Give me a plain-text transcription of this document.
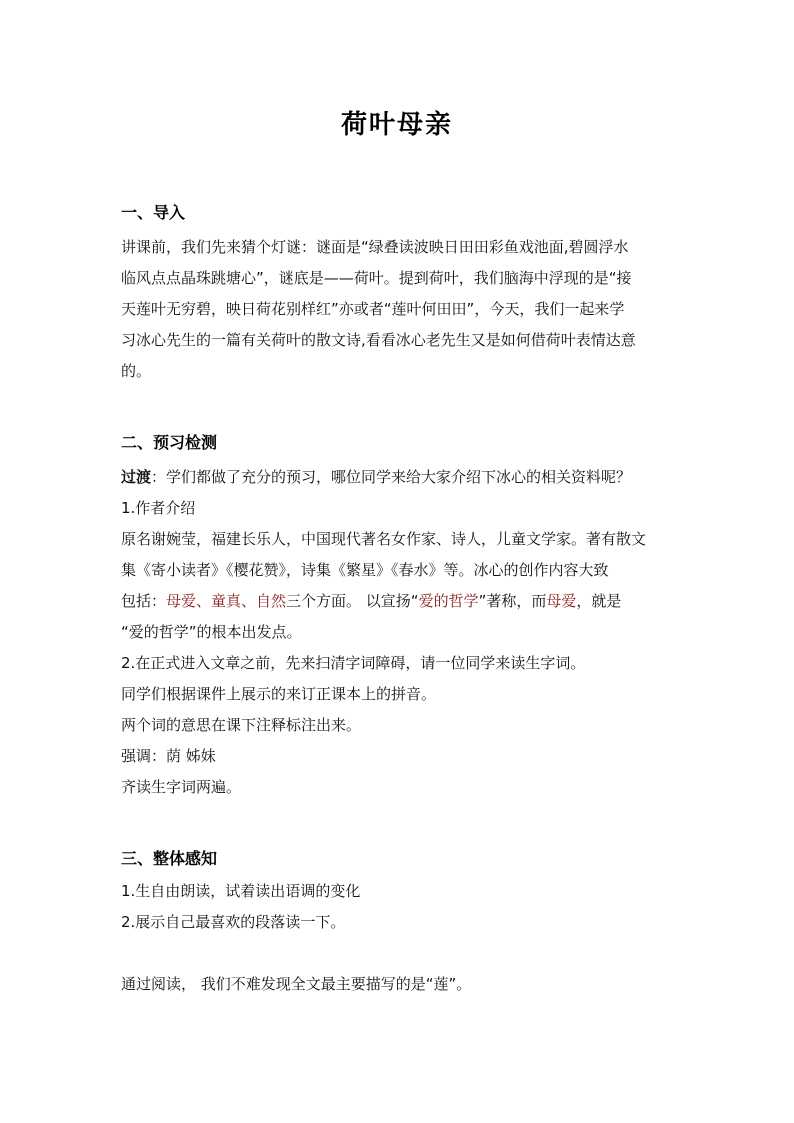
荷叶母亲
一、导入
讲课前，我们先来猜个灯谜：谜面是“绿叠读波映日田田彩鱼戏池面,碧圆浮水
临风点点晶珠跳塘心”，谜底是——荷叶。提到荷叶，我们脑海中浮现的是“接
天莲叶无穷碧，映日荷花别样红”亦或者“莲叶何田田”，今天，我们一起来学
习冰心先生的一篇有关荷叶的散文诗,看看冰心老先生又是如何借荷叶表情达意
的。
二、预习检测
过渡：学们都做了充分的预习，哪位同学来给大家介绍下冰心的相关资料呢？
1.作者介绍
原名谢婉莹，福建长乐人，中国现代著名女作家、诗人，儿童文学家。著有散文
集《寄小读者》《樱花赞》，诗集《繁星》《春水》等。冰心的创作内容大致
包括：母爱、童真、自然三个方面。 以宣扬“爱的哲学”著称，而母爱，就是
“爱的哲学”的根本出发点。
2.在正式进入文章之前，先来扫清字词障碍，请一位同学来读生字词。
同学们根据课件上展示的来订正课本上的拼音。
两个词的意思在课下注释标注出来。
强调：荫 姊妹
齐读生字词两遍。
三、整体感知
1.生自由朗读，试着读出语调的变化
2.展示自己最喜欢的段落读一下。
通过阅读， 我们不难发现全文最主要描写的是“莲”。
